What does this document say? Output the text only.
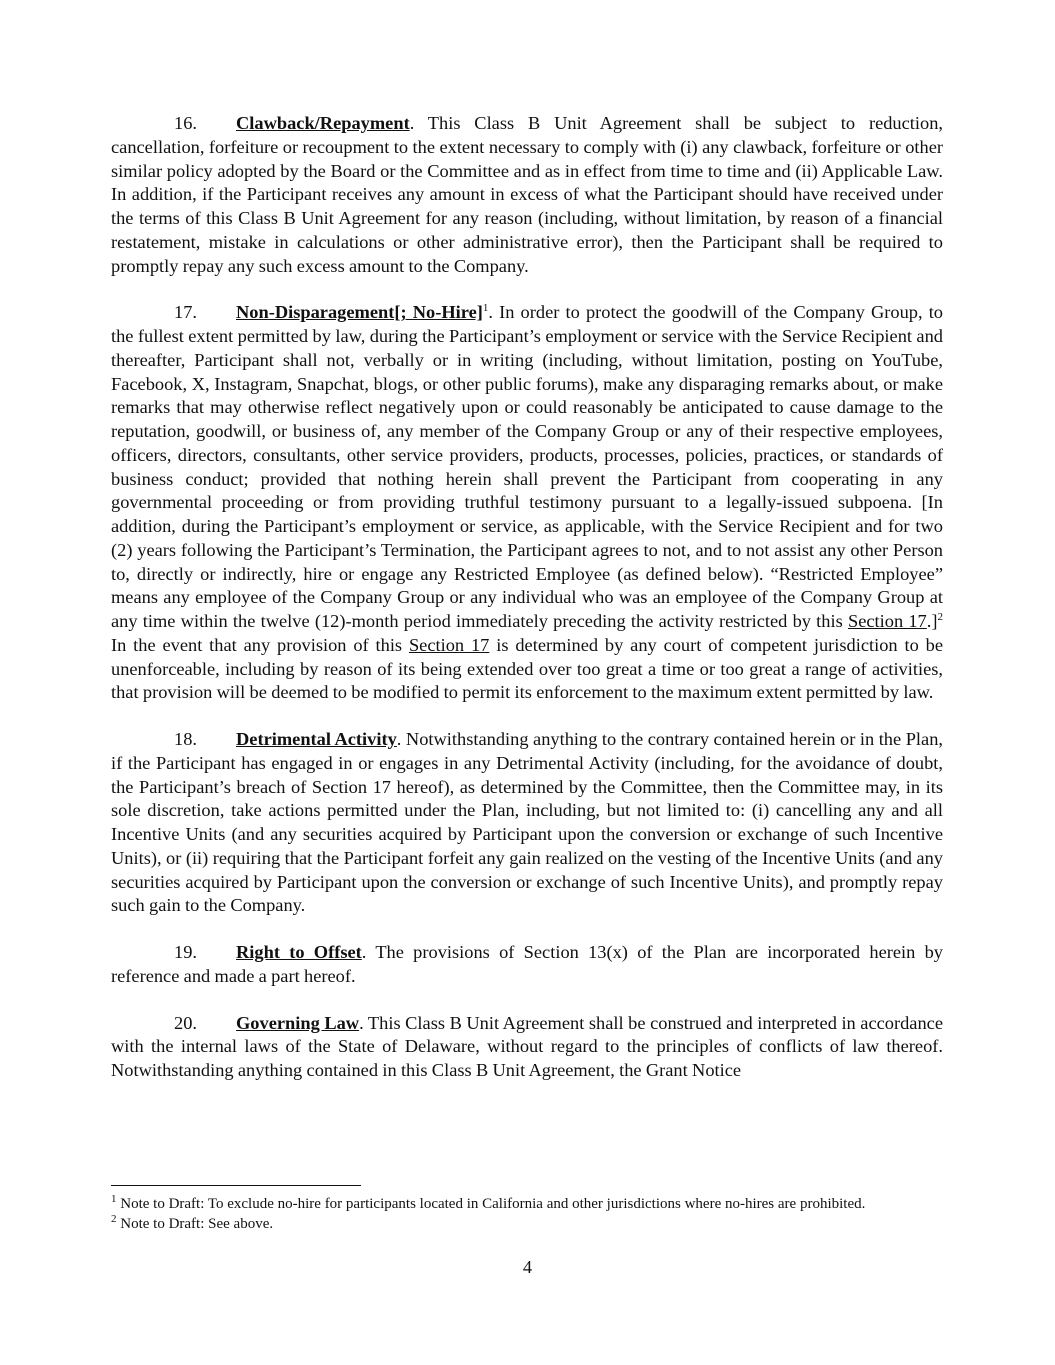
16. Clawback/Repayment. This Class B Unit Agreement shall be subject to reduction, cancellation, forfeiture or recoupment to the extent necessary to comply with (i) any clawback, forfeiture or other similar policy adopted by the Board or the Committee and as in effect from time to time and (ii) Applicable Law. In addition, if the Participant receives any amount in excess of what the Participant should have received under the terms of this Class B Unit Agreement for any reason (including, without limitation, by reason of a financial restatement, mistake in calculations or other administrative error), then the Participant shall be required to promptly repay any such excess amount to the Company.

17. Non-Disparagement[; No-Hire]$^1$. In order to protect the goodwill of the Company Group, to the fullest extent permitted by law, during the Participant’s employment or service with the Service Recipient and thereafter, Participant shall not, verbally or in writing (including, without limitation, posting on YouTube, Facebook, X, Instagram, Snapchat, blogs, or other public forums), make any disparaging remarks about, or make remarks that may otherwise reflect negatively upon or could reasonably be anticipated to cause damage to the reputation, goodwill, or business of, any member of the Company Group or any of their respective employees, officers, directors, consultants, other service providers, products, processes, policies, practices, or standards of business conduct; provided that nothing herein shall prevent the Participant from cooperating in any governmental proceeding or from providing truthful testimony pursuant to a legally-issued subpoena. [In addition, during the Participant’s employment or service, as applicable, with the Service Recipient and for two (2) years following the Participant’s Termination, the Participant agrees to not, and to not assist any other Person to, directly or indirectly, hire or engage any Restricted Employee (as defined below). “Restricted Employee” means any employee of the Company Group or any individual who was an employee of the Company Group at any time within the twelve (12)-month period immediately preceding the activity restricted by this Section 17.]$^2$ In the event that any provision of this Section 17 is determined by any court of competent jurisdiction to be unenforceable, including by reason of its being extended over too great a time or too great a range of activities, that provision will be deemed to be modified to permit its enforcement to the maximum extent permitted by law.

18. Detrimental Activity. Notwithstanding anything to the contrary contained herein or in the Plan, if the Participant has engaged in or engages in any Detrimental Activity (including, for the avoidance of doubt, the Participant’s breach of Section 17 hereof), as determined by the Committee, then the Committee may, in its sole discretion, take actions permitted under the Plan, including, but not limited to: (i) cancelling any and all Incentive Units (and any securities acquired by Participant upon the conversion or exchange of such Incentive Units), or (ii) requiring that the Participant forfeit any gain realized on the vesting of the Incentive Units (and any securities acquired by Participant upon the conversion or exchange of such Incentive Units), and promptly repay such gain to the Company.

19. Right to Offset. The provisions of Section 13(x) of the Plan are incorporated herein by reference and made a part hereof.

20. Governing Law. This Class B Unit Agreement shall be construed and interpreted in accordance with the internal laws of the State of Delaware, without regard to the principles of conflicts of law thereof. Notwithstanding anything contained in this Class B Unit Agreement, the Grant Notice

$^1$ Note to Draft: To exclude no-hire for participants located in California and other jurisdictions where no-hires are prohibited.

$^2$ Note to Draft: See above.

4
